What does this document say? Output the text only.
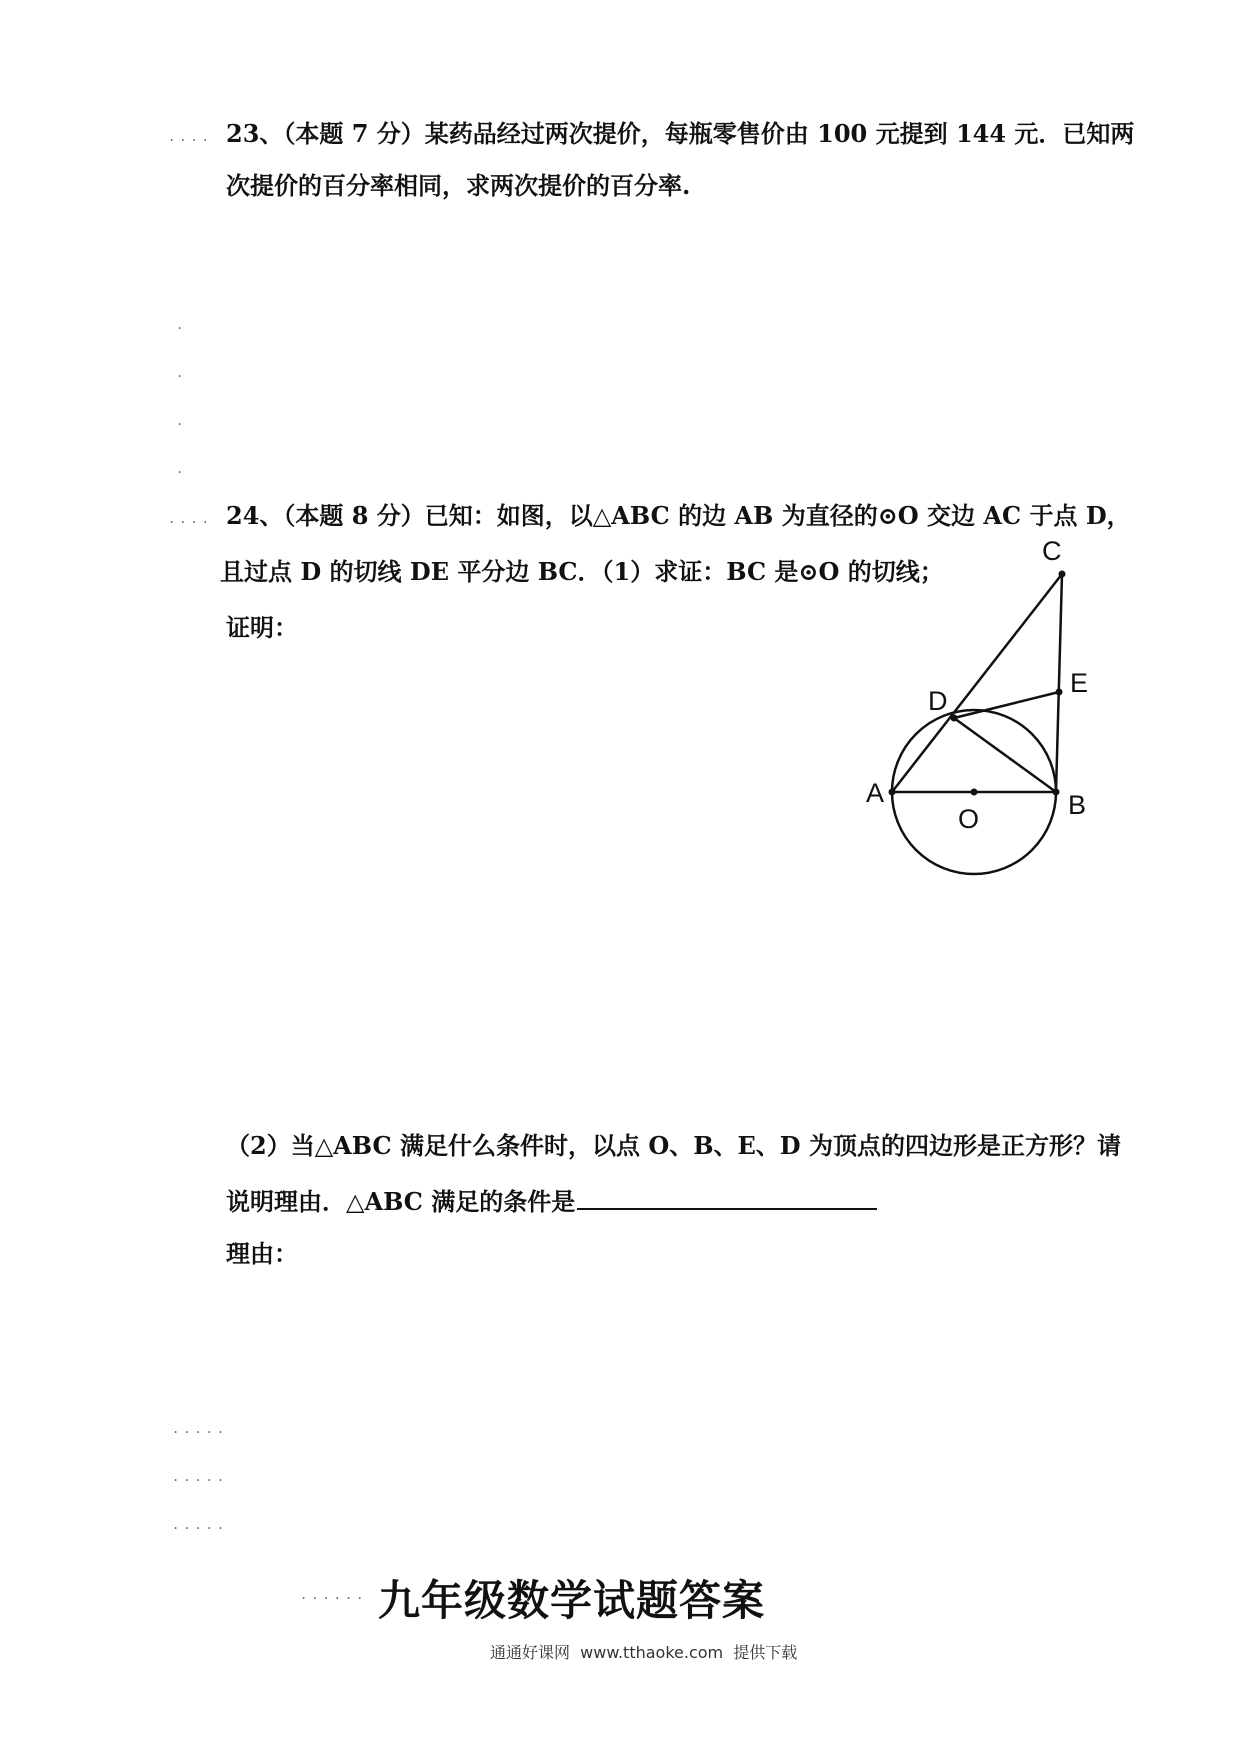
....
.
.
.
.
....
.....
.....
.....
......
23、（本题 7 分）某药品经过两次提价，每瓶零售价由 100 元提到 144 元．已知两
次提价的百分率相同，求两次提价的百分率.
24、（本题 8 分）已知：如图，以△ABC 的边 AB 为直径的⊙O 交边 AC 于点 D，
且过点 D 的切线 DE 平分边 BC．（1）求证：BC 是⊙O 的切线；
证明：
A	B
C
D
E
O
（2）当△ABC 满足什么条件时，以点 O、B、E、D 为顶点的四边形是正方形？请
说明理由．△ABC 满足的条件是
理由：
九年级数学试题答案
通通好课网  www.tthaoke.com  提供下载
